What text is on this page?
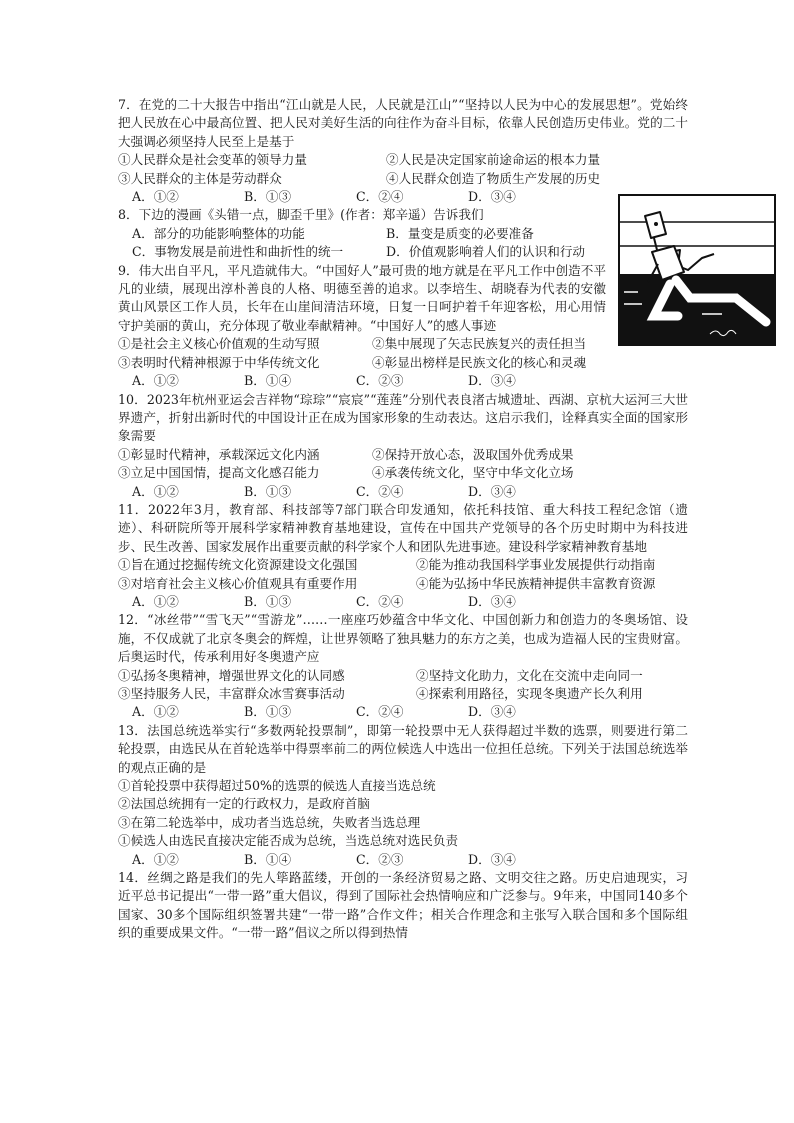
7．在党的二十大报告中指出“江山就是人民，人民就是江山”“坚持以人民为中心的发展思想”。党始终把人民放在心中最高位置、把人民对美好生活的向往作为奋斗目标，依靠人民创造历史伟业。党的二十大强调必须坚持人民至上是基于

①人民群众是社会变革的领导力量	②人民是决定国家前途命运的根本力量
③人民群众的主体是劳动群众	④人民群众创造了物质生产发展的历史
A．①②	B．①③	C．②④	D．③④
8．下边的漫画《头错一点，脚歪千里》(作者：郑辛遥）告诉我们
A．部分的功能影响整体的功能	B．量变是质变的必要准备
C．事物发展是前进性和曲折性的统一	D．价值观影响着人们的认识和行动

9．伟大出自平凡，平凡造就伟大。“中国好人”最可贵的地方就是在平凡工作中创造不平凡的业绩，展现出淳朴善良的人格、明德至善的追求。以李培生、胡晓春为代表的安徽黄山风景区工作人员，长年在山崖间清洁环境，日复一日呵护着千年迎客松，用心用情守护美丽的黄山，充分体现了敬业奉献精神。“中国好人”的感人事迹

①是社会主义核心价值观的生动写照	②集中展现了矢志民族复兴的责任担当
③表明时代精神根源于中华传统文化	④彰显出榜样是民族文化的核心和灵魂
A．①②	B．①④	C．②③	D．③④

10．2023年杭州亚运会吉祥物“琮琮”“宸宸”“莲莲”分别代表良渚古城遗址、西湖、京杭大运河三大世界遗产，折射出新时代的中国设计正在成为国家形象的生动表达。这启示我们，诠释真实全面的国家形象需要

①彰显时代精神，承载深远文化内涵	②保持开放心态，汲取国外优秀成果
③立足中国国情，提高文化感召能力	④承袭传统文化，坚守中华文化立场
A．①②	B．①③	C．②④	D．③④

11．2022年3月，教育部、科技部等7部门联合印发通知，依托科技馆、重大科技工程纪念馆（遗迹）、科研院所等开展科学家精神教育基地建设，宣传在中国共产党领导的各个历史时期中为科技进步、民生改善、国家发展作出重要贡献的科学家个人和团队先进事迹。建设科学家精神教育基地

①旨在通过挖掘传统文化资源建设文化强国	②能为推动我国科学事业发展提供行动指南
③对培育社会主义核心价值观具有重要作用	④能为弘扬中华民族精神提供丰富教育资源
A．①②	B．①③	C．②④	D．③④

12．“冰丝带”“雪飞天”“雪游龙”……一座座巧妙蕴含中华文化、中国创新力和创造力的冬奥场馆、设施，不仅成就了北京冬奥会的辉煌，让世界领略了独具魅力的东方之美，也成为造福人民的宝贵财富。后奥运时代，传承利用好冬奥遗产应

①弘扬冬奥精神，增强世界文化的认同感	②坚持文化助力，文化在交流中走向同一
③坚持服务人民，丰富群众冰雪赛事活动	④探索利用路径，实现冬奥遗产长久利用
A．①②	B．①③	C．②④	D．③④

13．法国总统选举实行“多数两轮投票制”，即第一轮投票中无人获得超过半数的选票，则要进行第二轮投票，由选民从在首轮选举中得票率前二的两位候选人中选出一位担任总统。下列关于法国总统选举的观点正确的是

①首轮投票中获得超过50%的选票的候选人直接当选总统
②法国总统拥有一定的行政权力，是政府首脑
③在第二轮选举中，成功者当选总统，失败者当选总理
①候选人由选民直接决定能否成为总统，当选总统对选民负责
A．①②	B．①④	C．②③	D．③④

14．丝绸之路是我们的先人筚路蓝缕，开创的一条经济贸易之路、文明交往之路。历史启迪现实，习近平总书记提出“一带一路”重大倡议，得到了国际社会热情响应和广泛参与。9年来，中国同140多个国家、30多个国际组织签署共建“一带一路”合作文件；相关合作理念和主张写入联合国和多个国际组织的重要成果文件。“一带一路”倡议之所以得到热情
